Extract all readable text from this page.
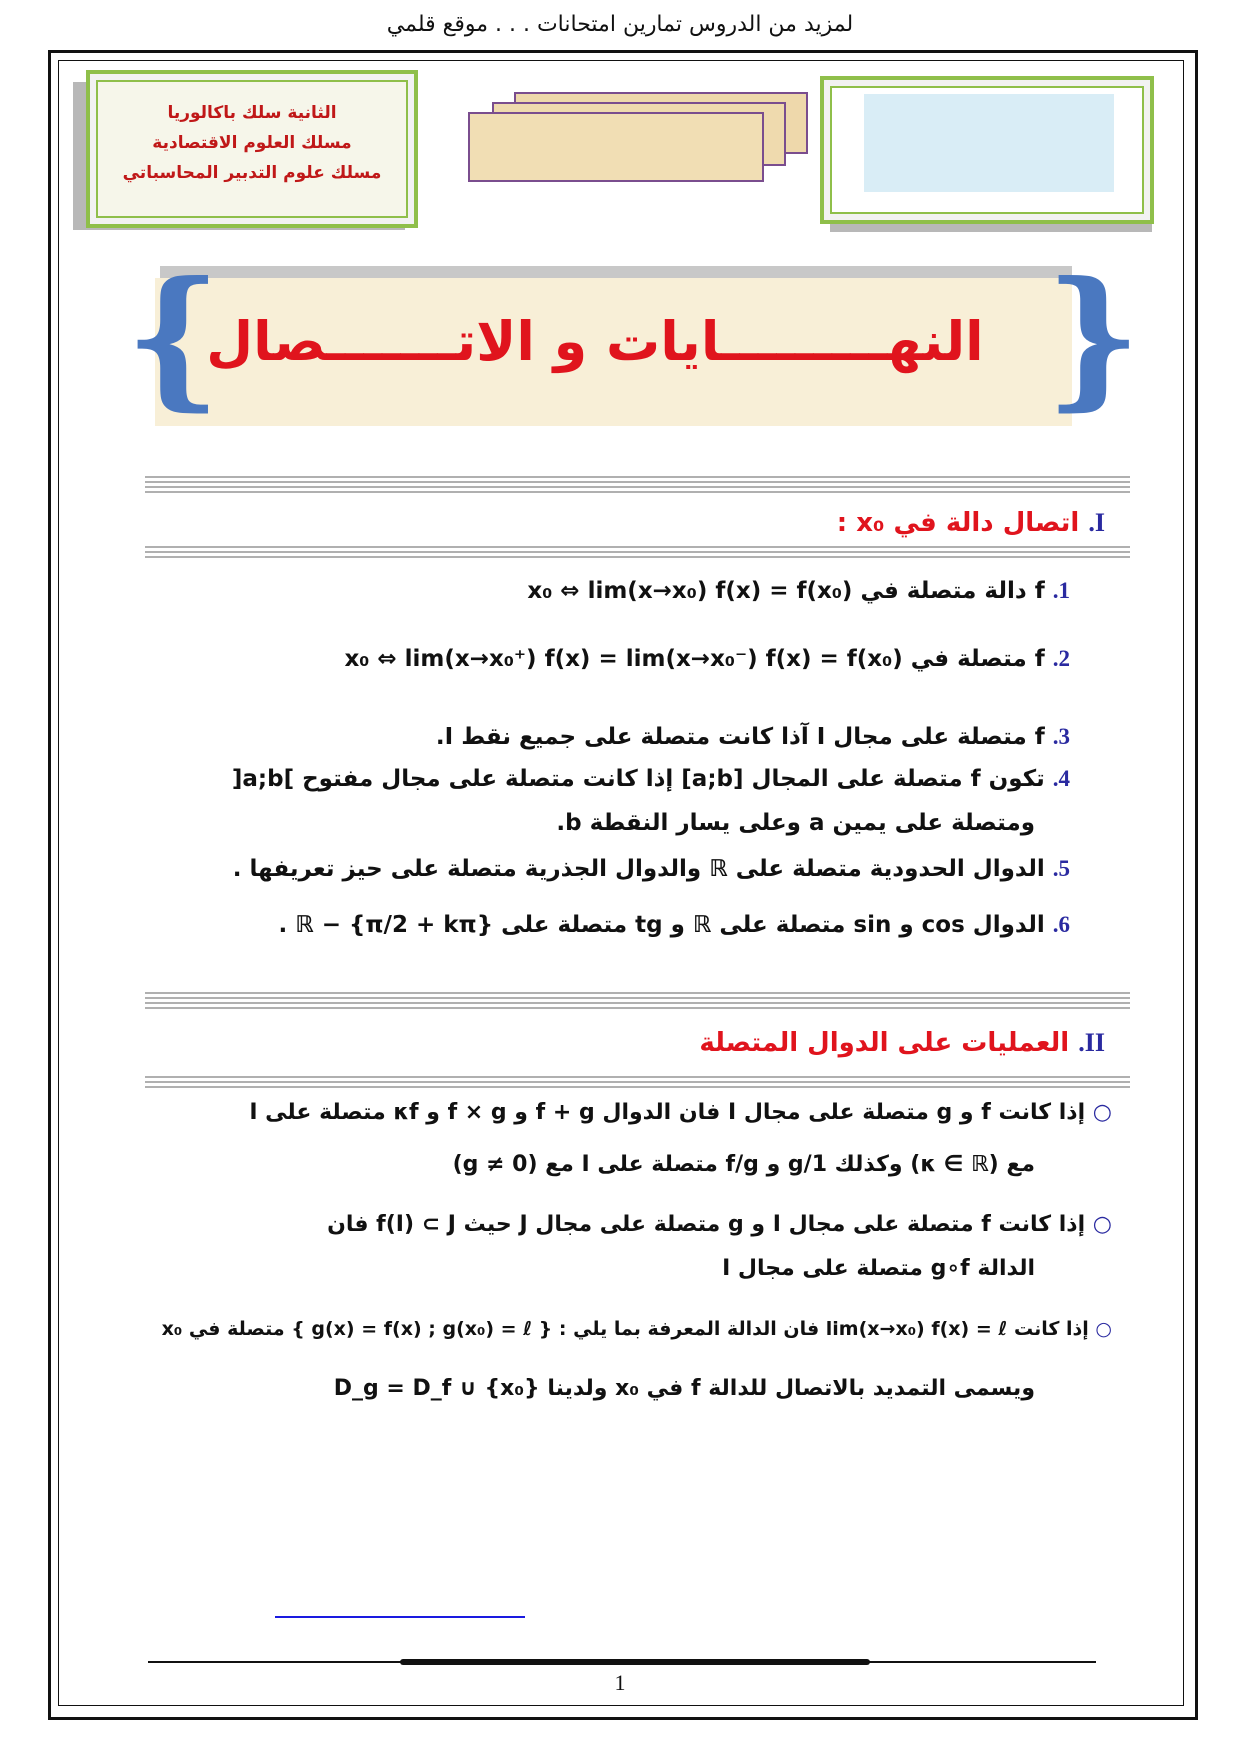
لمزيد من الدروس تمارين امتحانات . . . موقع قلمي
الثانية سلك باكالوريا
مسلك العلوم الاقتصادية
مسلك علوم التدبير المحاسباتي
{	}
النهـــــــــايات و الاتـــــــصال
I. اتصال دالة في x₀ :
1. f دالة متصلة في x₀ ⇔ lim(x→x₀) f(x) = f(x₀)
2. f متصلة في x₀ ⇔ lim(x→x₀⁺) f(x) = lim(x→x₀⁻) f(x) = f(x₀)
3. f متصلة على مجال I آذا كانت متصلة على جميع نقط I.
4. تكون f متصلة على المجال [a;b] إذا كانت متصلة على مجال مفتوح ]a;b[
ومتصلة على يمين a وعلى يسار النقطة b.
5. الدوال الحدودية متصلة على ℝ والدوال الجذرية متصلة على حيز تعريفها .
6. الدوال cos و sin متصلة على ℝ و tg متصلة على ℝ − {π/2 + kπ} .
II. العمليات على الدوال المتصلة
○ إذا كانت f و g متصلة على مجال I فان الدوال f + g و f × g و κf متصلة على I
مع (κ ∈ ℝ) وكذلك 1/g و f/g متصلة على I مع (g ≠ 0)
○ إذا كانت f متصلة على مجال I و g متصلة على مجال J حيث f(I) ⊂ J فان
الدالة g∘f متصلة على مجال I
○ إذا كانت lim(x→x₀) f(x) = ℓ فان الدالة المعرفة بما يلي : { g(x) = f(x) ; g(x₀) = ℓ } متصلة في x₀
ويسمى التمديد بالاتصال للدالة f في x₀ ولدينا D_g = D_f ∪ {x₀}
1
